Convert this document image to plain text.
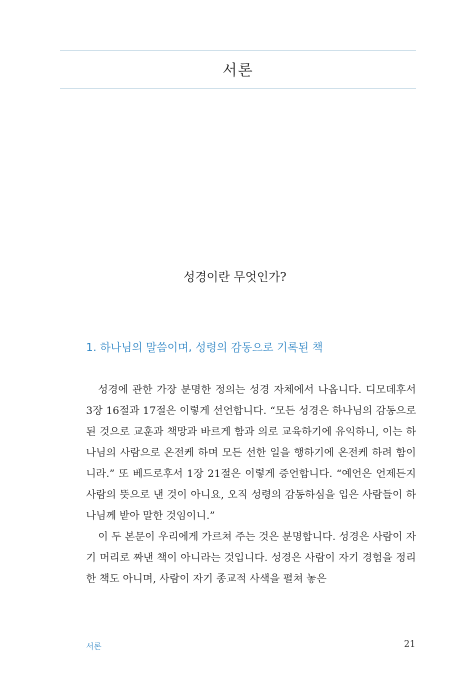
서론
성경이란 무엇인가?
1. 하나님의 말씀이며, 성령의 감동으로 기록된 책

성경에 관한 가장 분명한 정의는 성경 자체에서 나옵니다. 디모데후서 3장 16절과 17절은 이렇게 선언합니다. “모든 성경은 하나님의 감동으로 된 것으로 교훈과 책망과 바르게 함과 의로 교육하기에 유익하니, 이는 하나님의 사람으로 온전케 하며 모든 선한 일을 행하기에 온전케 하려 함이니라.” 또 베드로후서 1장 21절은 이렇게 증언합니다. “예언은 언제든지 사람의 뜻으로 낸 것이 아니요, 오직 성령의 감동하심을 입은 사람들이 하나님께 받아 말한 것임이니.”

이 두 본문이 우리에게 가르쳐 주는 것은 분명합니다. 성경은 사람이 자기 머리로 짜낸 책이 아니라는 것입니다. 성경은 사람이 자기 경험을 정리한 책도 아니며, 사람이 자기 종교적 사색을 펼쳐 놓은

서론	21
